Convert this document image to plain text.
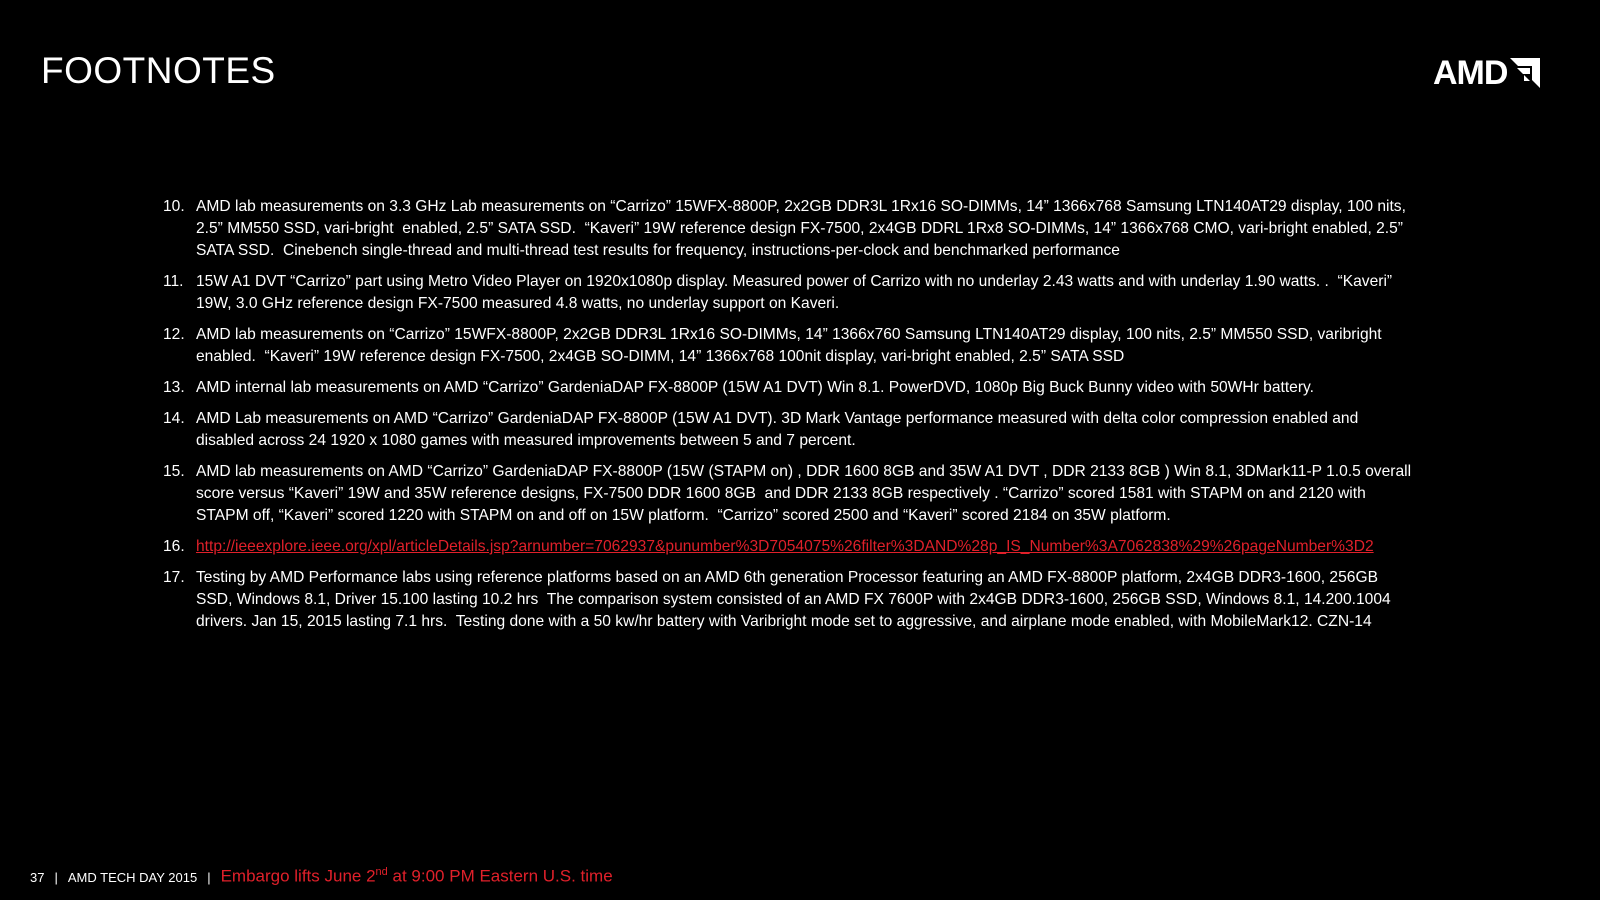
FOOTNOTES	AMD
10. AMD lab measurements on 3.3 GHz Lab measurements on “Carrizo” 15WFX-8800P, 2x2GB DDR3L 1Rx16 SO-DIMMs, 14” 1366x768 Samsung LTN140AT29 display, 100 nits, 2.5” MM550 SSD, vari-bright  enabled, 2.5” SATA SSD.  “Kaveri” 19W reference design FX-7500, 2x4GB DDRL 1Rx8 SO-DIMMs, 14” 1366x768 CMO, vari-bright enabled, 2.5” SATA SSD.  Cinebench single-thread and multi-thread test results for frequency, instructions-per-clock and benchmarked performance
11. 15W A1 DVT “Carrizo” part using Metro Video Player on 1920x1080p display. Measured power of Carrizo with no underlay 2.43 watts and with underlay 1.90 watts. .  “Kaveri” 19W, 3.0 GHz reference design FX-7500 measured 4.8 watts, no underlay support on Kaveri.
12. AMD lab measurements on “Carrizo” 15WFX-8800P, 2x2GB DDR3L 1Rx16 SO-DIMMs, 14” 1366x760 Samsung LTN140AT29 display, 100 nits, 2.5” MM550 SSD, varibright enabled.  “Kaveri” 19W reference design FX-7500, 2x4GB SO-DIMM, 14” 1366x768 100nit display, vari-bright enabled, 2.5” SATA SSD
13. AMD internal lab measurements on AMD “Carrizo” GardeniaDAP FX-8800P (15W A1 DVT) Win 8.1. PowerDVD, 1080p Big Buck Bunny video with 50WHr battery.
14. AMD Lab measurements on AMD “Carrizo” GardeniaDAP FX-8800P (15W A1 DVT). 3D Mark Vantage performance measured with delta color compression enabled and disabled across 24 1920 x 1080 games with measured improvements between 5 and 7 percent.
15. AMD lab measurements on AMD “Carrizo” GardeniaDAP FX-8800P (15W (STAPM on) , DDR 1600 8GB and 35W A1 DVT , DDR 2133 8GB ) Win 8.1, 3DMark11-P 1.0.5 overall score versus “Kaveri” 19W and 35W reference designs, FX-7500 DDR 1600 8GB  and DDR 2133 8GB respectively . “Carrizo” scored 1581 with STAPM on and 2120 with STAPM off, “Kaveri” scored 1220 with STAPM on and off on 15W platform.  “Carrizo” scored 2500 and “Kaveri” scored 2184 on 35W platform.
16. http://ieeexplore.ieee.org/xpl/articleDetails.jsp?arnumber=7062937&punumber%3D7054075%26filter%3DAND%28p_IS_Number%3A7062838%29%26pageNumber%3D2
17. Testing by AMD Performance labs using reference platforms based on an AMD 6th generation Processor featuring an AMD FX-8800P platform, 2x4GB DDR3-1600, 256GB SSD, Windows 8.1, Driver 15.100 lasting 10.2 hrs  The comparison system consisted of an AMD FX 7600P with 2x4GB DDR3-1600, 256GB SSD, Windows 8.1, 14.200.1004 drivers. Jan 15, 2015 lasting 7.1 hrs.  Testing done with a 50 kw/hr battery with Varibright mode set to aggressive, and airplane mode enabled, with MobileMark12. CZN-14
37 | AMD TECH DAY 2015 | Embargo lifts June 2nd at 9:00 PM Eastern U.S. time
